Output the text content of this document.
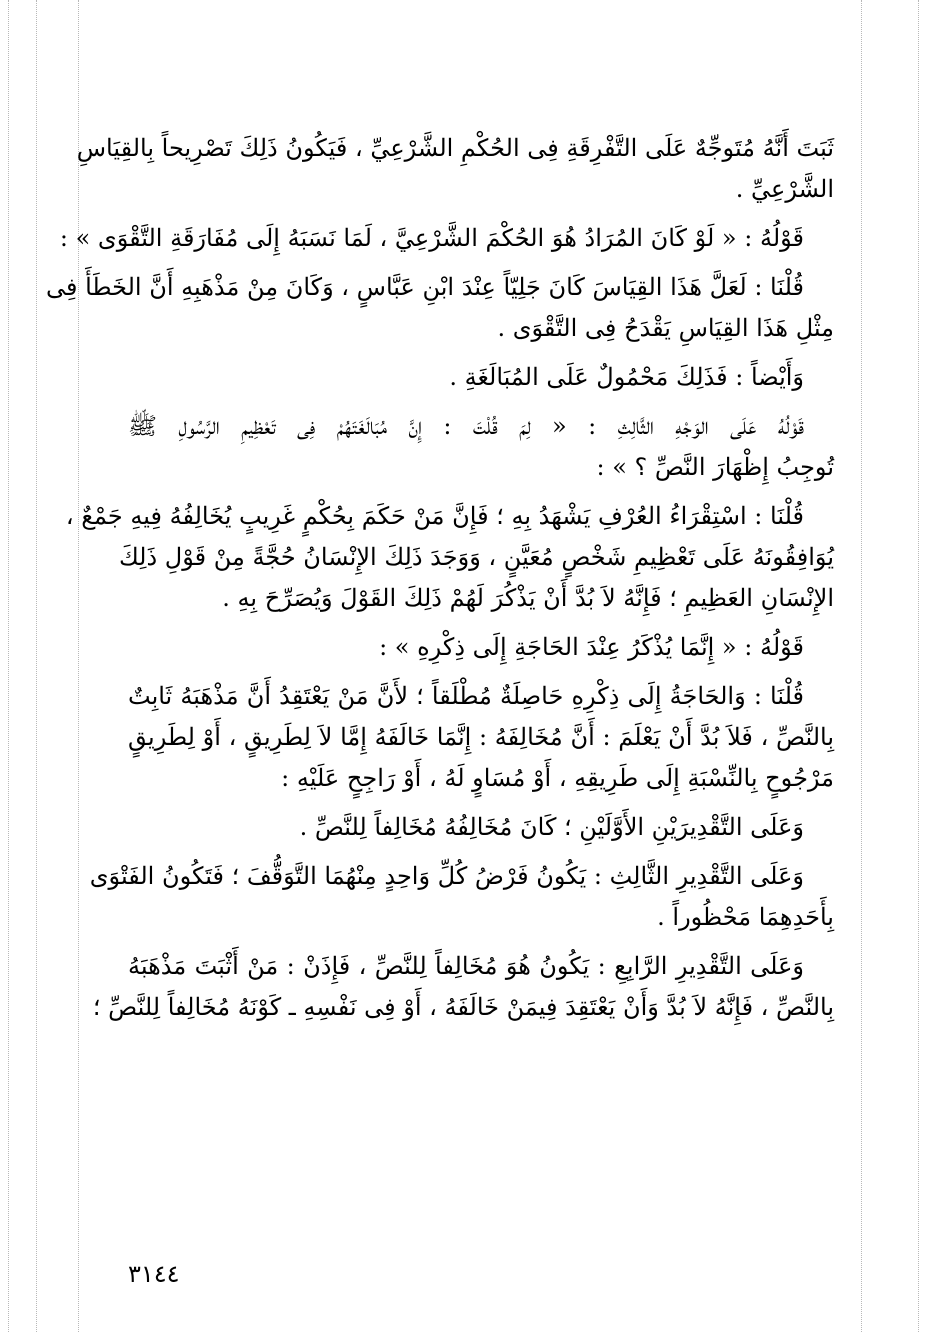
ثَبَتَ أَنَّهُ مُتَوجِّهٌ عَلَى التَّفْرِقَةِ فِى الحُكْمِ الشَّرْعِيِّ ، فَيَكُونُ ذَلِكَ تَصْرِيحاً بِالقِيَاسِ
الشَّرْعِيِّ .
قَوْلُهُ : « لَوْ كَانَ المُرَادُ هُوَ الحُكْمَ الشَّرْعِيَّ ، لَمَا نَسَبَهُ إِلَى مُفَارَقَةِ التَّقْوَى » :
قُلْنَا : لَعَلَّ هَذَا القِيَاسَ كَانَ جَلِيّاً عِنْدَ ابْنِ عَبَّاسٍ ، وَكَانَ مِنْ مَذْهَبِهِ أَنَّ الخَطَأَ فِى
مِثْلِ هَذَا القِيَاسِ يَقْدَحُ فِى التَّقْوَى .
وَأَيْضاً : فَذَلِكَ مَحْمُولٌ عَلَى المُبَالَغَةِ .
قَوْلُهُ عَلَى الوَجْهِ الثَّالِثِ : « لِمَ قُلْتَ : إِنَّ مُبَالَغَتَهُمْ فِى تَعْظِيمِ الرَّسُولِ ﷺ
تُوجِبُ إِظْهَارَ النَّصِّ ؟ » :
قُلْنَا : اسْتِقْرَاءُ العُرْفِ يَشْهَدُ بِهِ ؛ فَإِنَّ مَنْ حَكَمَ بِحُكْمٍ غَرِيبٍ يُخَالِفُهُ فِيهِ جَمْعٌ ،
يُوَافِقُونَهُ عَلَى تَعْظِيمِ شَخْصٍ مُعَيَّنٍ ، وَوَجَدَ ذَلِكَ الإِنْسَانُ حُجَّةً مِنْ قَوْلِ ذَلِكَ
الإِنْسَانِ العَظِيمِ ؛ فَإِنَّهُ لاَ بُدَّ أَنْ يَذْكُرَ لَهُمْ ذَلِكَ القَوْلَ وَيُصَرِّحَ بِهِ .
قَوْلُهُ : « إِنَّمَا يُذْكَرُ عِنْدَ الحَاجَةِ إِلَى ذِكْرِهِ » :
قُلْنَا : وَالحَاجَةُ إِلَى ذِكْرِهِ حَاصِلَةٌ مُطْلَقاً ؛ لأَنَّ مَنْ يَعْتَقِدُ أَنَّ مَذْهَبَهُ ثَابِتٌ
بِالنَّصِّ ، فَلاَ بُدَّ أَنْ يَعْلَمَ : أَنَّ مُخَالِفَهُ : إِنَّمَا خَالَفَهُ إِمَّا لاَ لِطَرِيقٍ ، أَوْ لِطَرِيقٍ
مَرْجُوحٍ بِالنِّسْبَةِ إِلَى طَرِيقِهِ ، أَوْ مُسَاوٍ لَهُ ، أَوْ رَاجِحٍ عَلَيْهِ :
وَعَلَى التَّقْدِيرَيْنِ الأَوَّلَيْنِ ؛ كَانَ مُخَالِفُهُ مُخَالِفاً لِلنَّصِّ .
وَعَلَى التَّقْدِيرِ الثَّالِثِ : يَكُونُ فَرْضُ كُلِّ وَاحِدٍ مِنْهُمَا التَّوَقُّفَ ؛ فَتَكُونُ الفَتْوَى
بِأَحَدِهِمَا مَحْظُوراً .
وَعَلَى التَّقْدِيرِ الرَّابِعِ : يَكُونُ هُوَ مُخَالِفاً لِلنَّصِّ ، فَإِذَنْ : مَنْ أَثْبَتَ مَذْهَبَهُ
بِالنَّصِّ ، فَإِنَّهُ لاَ بُدَّ وَأَنْ يَعْتَقِدَ فِيمَنْ خَالَفَهُ ، أَوْ فِى نَفْسِهِ ـ كَوْنَهُ مُخَالِفاً لِلنَّصِّ ؛
٣١٤٤
